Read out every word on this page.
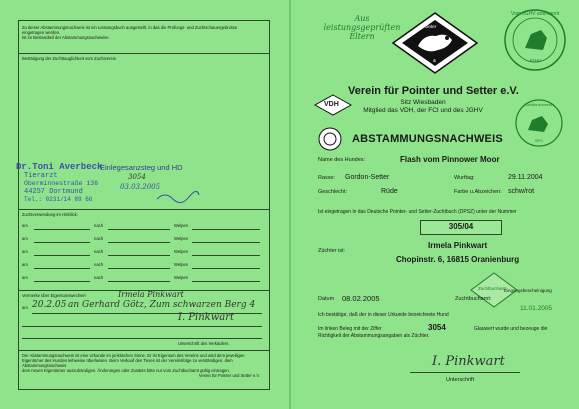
Zu dieser Abstammungsnachweis ist ein Leistungsbuch ausgestellt, in das die Prüfungs- und Zuchtschauergebnisse
eingetragen werden.
Ist im Bestandteil der Abstammungsnachweise.
Bestätigung der Zuchttauglichkeit vom Zuchtverein
Dr.Toni Averbeck
Tierarzt
Oberminnestraße 136
44257 Dortmund
Tel.: 0231/14 89 66
Einlegesanzsteg und HD
3054
03.03.2005
Zuchtverwendung im Hinblick:
am	nach	Welpen
am	nach	Welpen
am	nach	Welpen
am	nach	Welpen
am	nach	Welpen
Vermerke über Eigentumswechsel	Irmela Pinkwart
am 20.2.05 an Gerhard Götz, Zum schwarzen Berg 4
I. Pinkwart
Unterschrift des Verkäufers
Der Abstammungsnachweis ist eine Urkunde im juristischen Sinne. Er ist Eigentum des Vereins und wird dem jeweiligen
Eigentümer des Hundes leihweise überlassen. Beim Verkauf des Tieres ist der Vereinsfolge zu verständigen, dem Abstammungsnachweis
dem neuen Eigentümer auszuhändigen. Änderungen oder Zusätze bitte nur vom Zuchtbuchamt gültig eintragen.
Verein für Pointer und Setter e.V.
Aus
leistungsgeprüften
Eltern
Pointer
&
Vom JGHV anerkannt
JGHV
VDH
Verein für Pointer und Setter e.V.
Sitz Wiesbaden
Mitglied das VDH, der FCI und des JGHV
Zuchtbuchverein
SPC
ABSTAMMUNGSNACHWEIS
Name des Hundes:	Flash vom Pinnower Moor
Rasse: Gordon-Setter	Wurftag:	29.11.2004
Geschlecht:	Rüde	Farbe u.Abzeichen: schw/rot
Ist eingetragen in das Deutsche Pointer- und Setter-Zuchtbuch (DPSZ) unter der Nummer
305/04
Züchter ist:
Irmela Pinkwart
Chopinstr. 6, 16815 Oranienburg
Zuchtbuchamt
Datum 08.02.2005	Zuchtbuchamt:
Eingangsbescheinigung
11.01.2005
Ich bestätige, daß der in dieser Urkunde bezeichnete Hund
Im linken Beleg mit der Ziffer	3054	Glauwert wurde und bezeuge die
Richtigkeit der Abstammungsangaben als Züchter.
I. Pinkwart
Unterschrift
